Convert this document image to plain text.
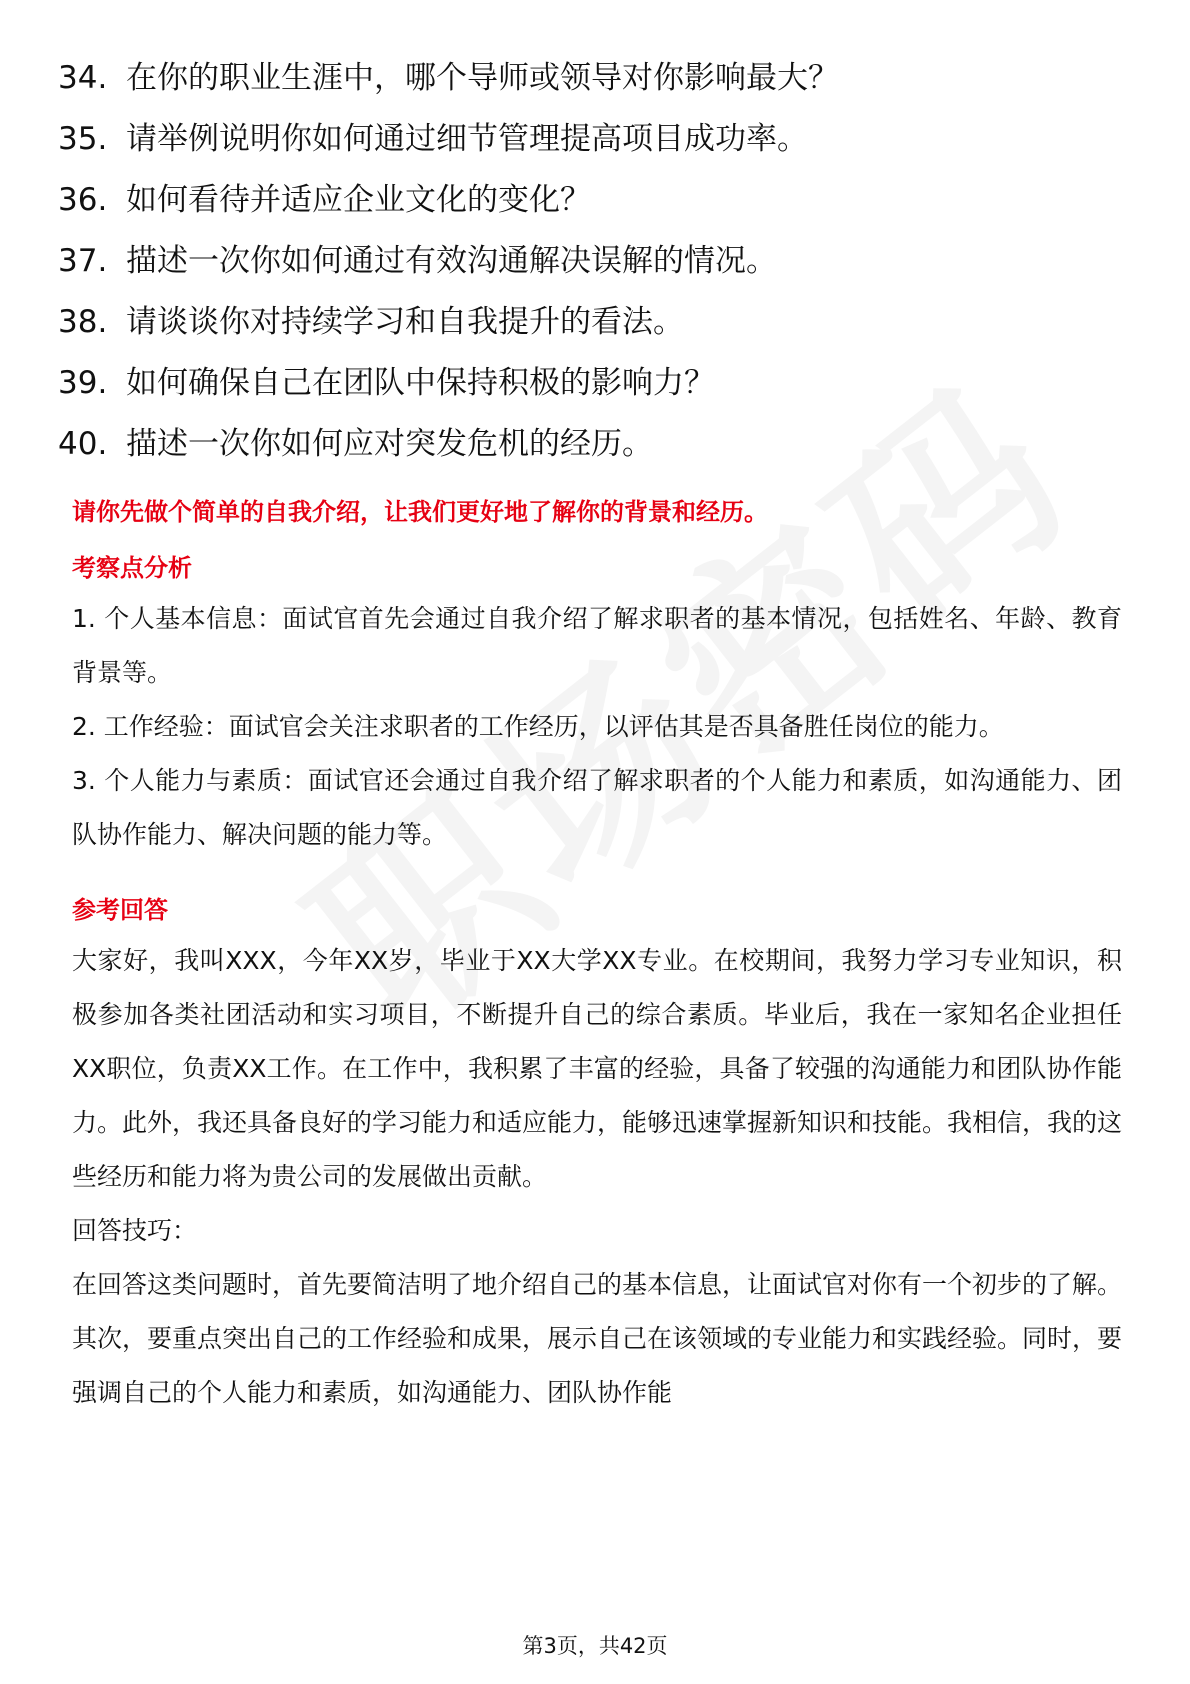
34. 在你的职业生涯中，哪个导师或领导对你影响最大？
35. 请举例说明你如何通过细节管理提高项目成功率。
36. 如何看待并适应企业文化的变化？
37. 描述一次你如何通过有效沟通解决误解的情况。
38. 请谈谈你对持续学习和自我提升的看法。
39. 如何确保自己在团队中保持积极的影响力？
40. 描述一次你如何应对突发危机的经历。

请你先做个简单的自我介绍，让我们更好地了解你的背景和经历。

考察点分析

1. 个人基本信息：面试官首先会通过自我介绍了解求职者的基本情况，包括姓名、年龄、教育背景等。

2. 工作经验：面试官会关注求职者的工作经历，以评估其是否具备胜任岗位的能力。

3. 个人能力与素质：面试官还会通过自我介绍了解求职者的个人能力和素质，如沟通能力、团队协作能力、解决问题的能力等。

参考回答

大家好，我叫XXX，今年XX岁，毕业于XX大学XX专业。在校期间，我努力学习专业知识，积极参加各类社团活动和实习项目，不断提升自己的综合素质。毕业后，我在一家知名企业担任XX职位，负责XX工作。在工作中，我积累了丰富的经验，具备了较强的沟通能力和团队协作能力。此外，我还具备良好的学习能力和适应能力，能够迅速掌握新知识和技能。我相信，我的这些经历和能力将为贵公司的发展做出贡献。

回答技巧：

在回答这类问题时，首先要简洁明了地介绍自己的基本信息，让面试官对你有一个初步的了解。其次，要重点突出自己的工作经验和成果，展示自己在该领域的专业能力和实践经验。同时，要强调自己的个人能力和素质，如沟通能力、团队协作能

第3页，共42页
